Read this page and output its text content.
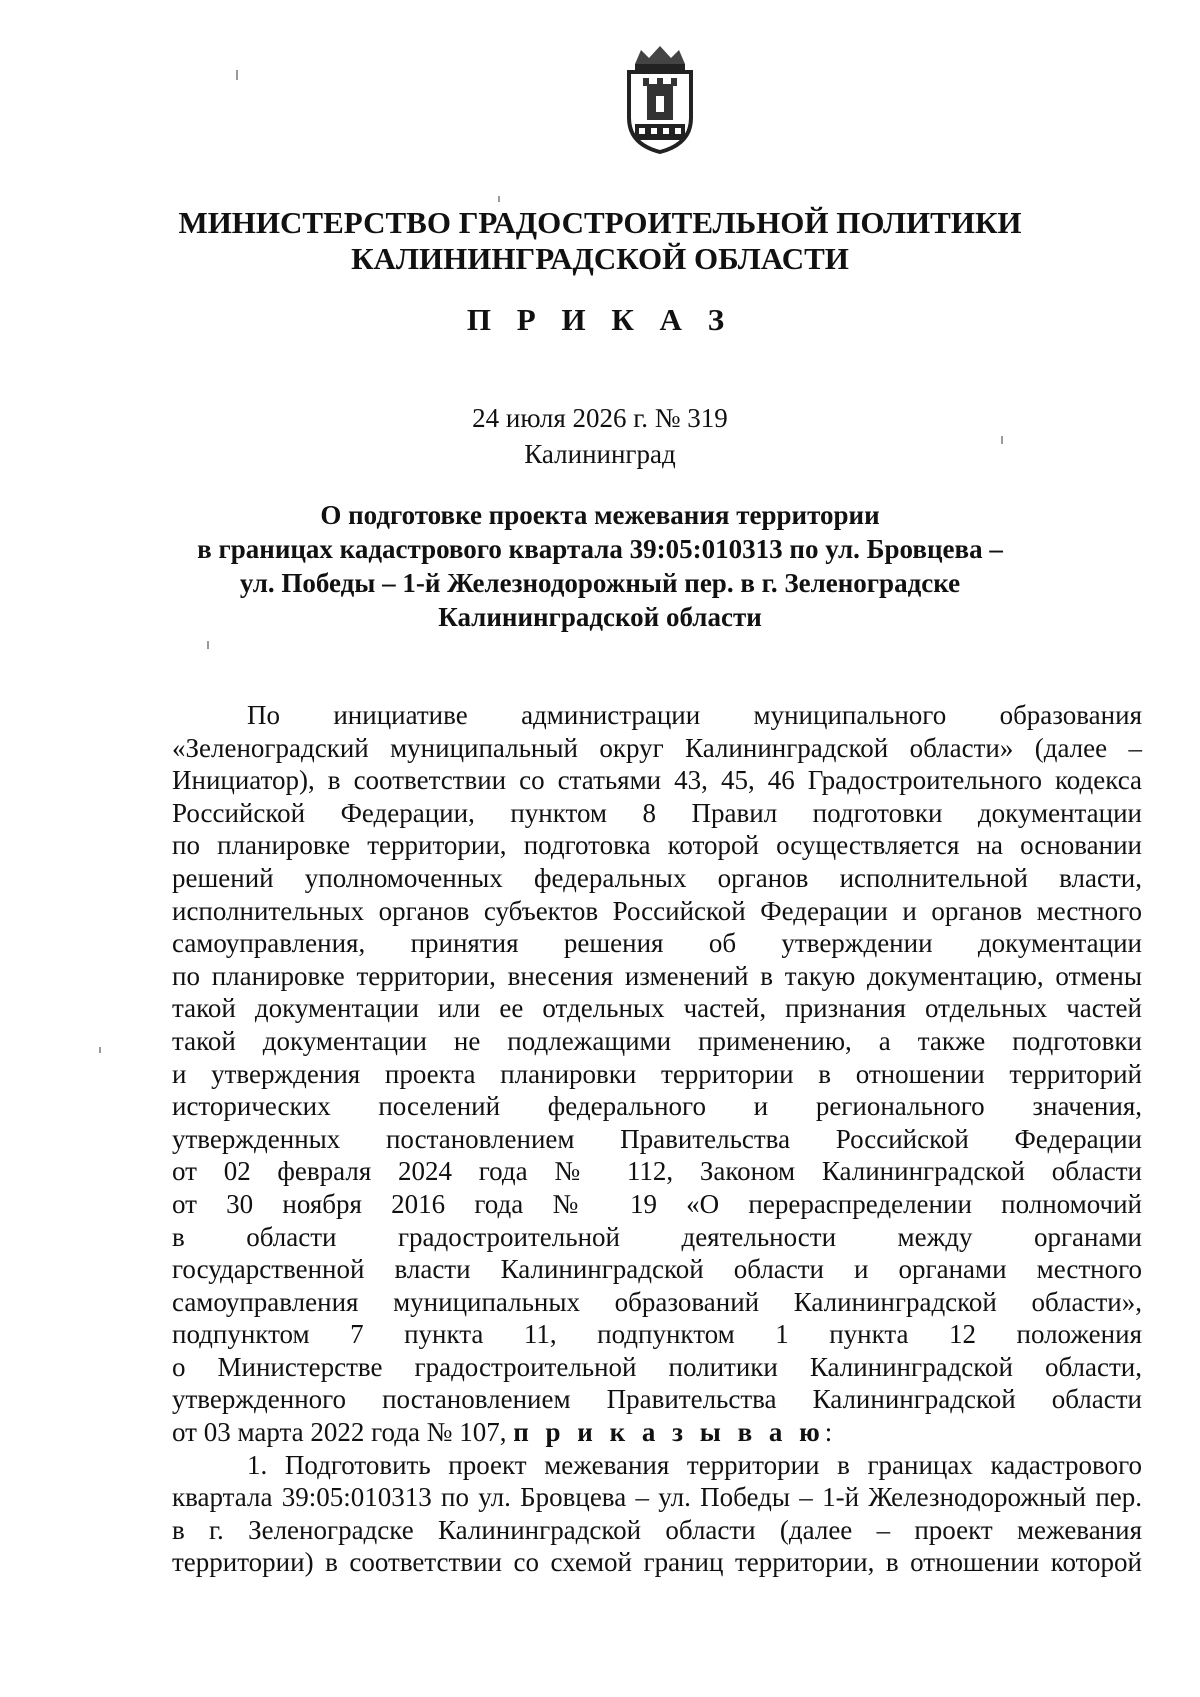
МИНИСТЕРСТВО ГРАДОСТРОИТЕЛЬНОЙ ПОЛИТИКИ
КАЛИНИНГРАДСКОЙ ОБЛАСТИ
П Р И К А З
24 июля 2026 г. № 319
Калининград
О подготовке проекта межевания территории
в границах кадастрового квартала 39:05:010313 по ул. Бровцева –
ул. Победы – 1-й Железнодорожный пер. в г. Зеленоградске
Калининградской области
По инициативе администрации муниципального образования
«Зеленоградский муниципальный округ Калининградской области» (далее –
Инициатор), в соответствии со статьями 43, 45, 46 Градостроительного кодекса
Российской Федерации, пунктом 8 Правил подготовки документации
по планировке территории, подготовка которой осуществляется на основании
решений уполномоченных федеральных органов исполнительной власти,
исполнительных органов субъектов Российской Федерации и органов местного
самоуправления, принятия решения об утверждении документации
по планировке территории, внесения изменений в такую документацию, отмены
такой документации или ее отдельных частей, признания отдельных частей
такой документации не подлежащими применению, а также подготовки
и утверждения проекта планировки территории в отношении территорий
исторических поселений федерального и регионального значения,
утвержденных постановлением Правительства Российской Федерации
от 02 февраля 2024 года № 112, Законом Калининградской области
от 30 ноября 2016 года № 19 «О перераспределении полномочий
в области градостроительной деятельности между органами
государственной власти Калининградской области и органами местного
самоуправления муниципальных образований Калининградской области»,
подпунктом 7 пункта 11, подпунктом 1 пункта 12 положения
о Министерстве градостроительной политики Калининградской области,
утвержденного постановлением Правительства Калининградской области
от 03 марта 2022 года № 107, п р и к а з ы в а ю:
1. Подготовить проект межевания территории в границах кадастрового
квартала 39:05:010313 по ул. Бровцева – ул. Победы – 1-й Железнодорожный пер.
в г. Зеленоградске Калининградской области (далее – проект межевания
территории) в соответствии со схемой границ территории, в отношении которой
